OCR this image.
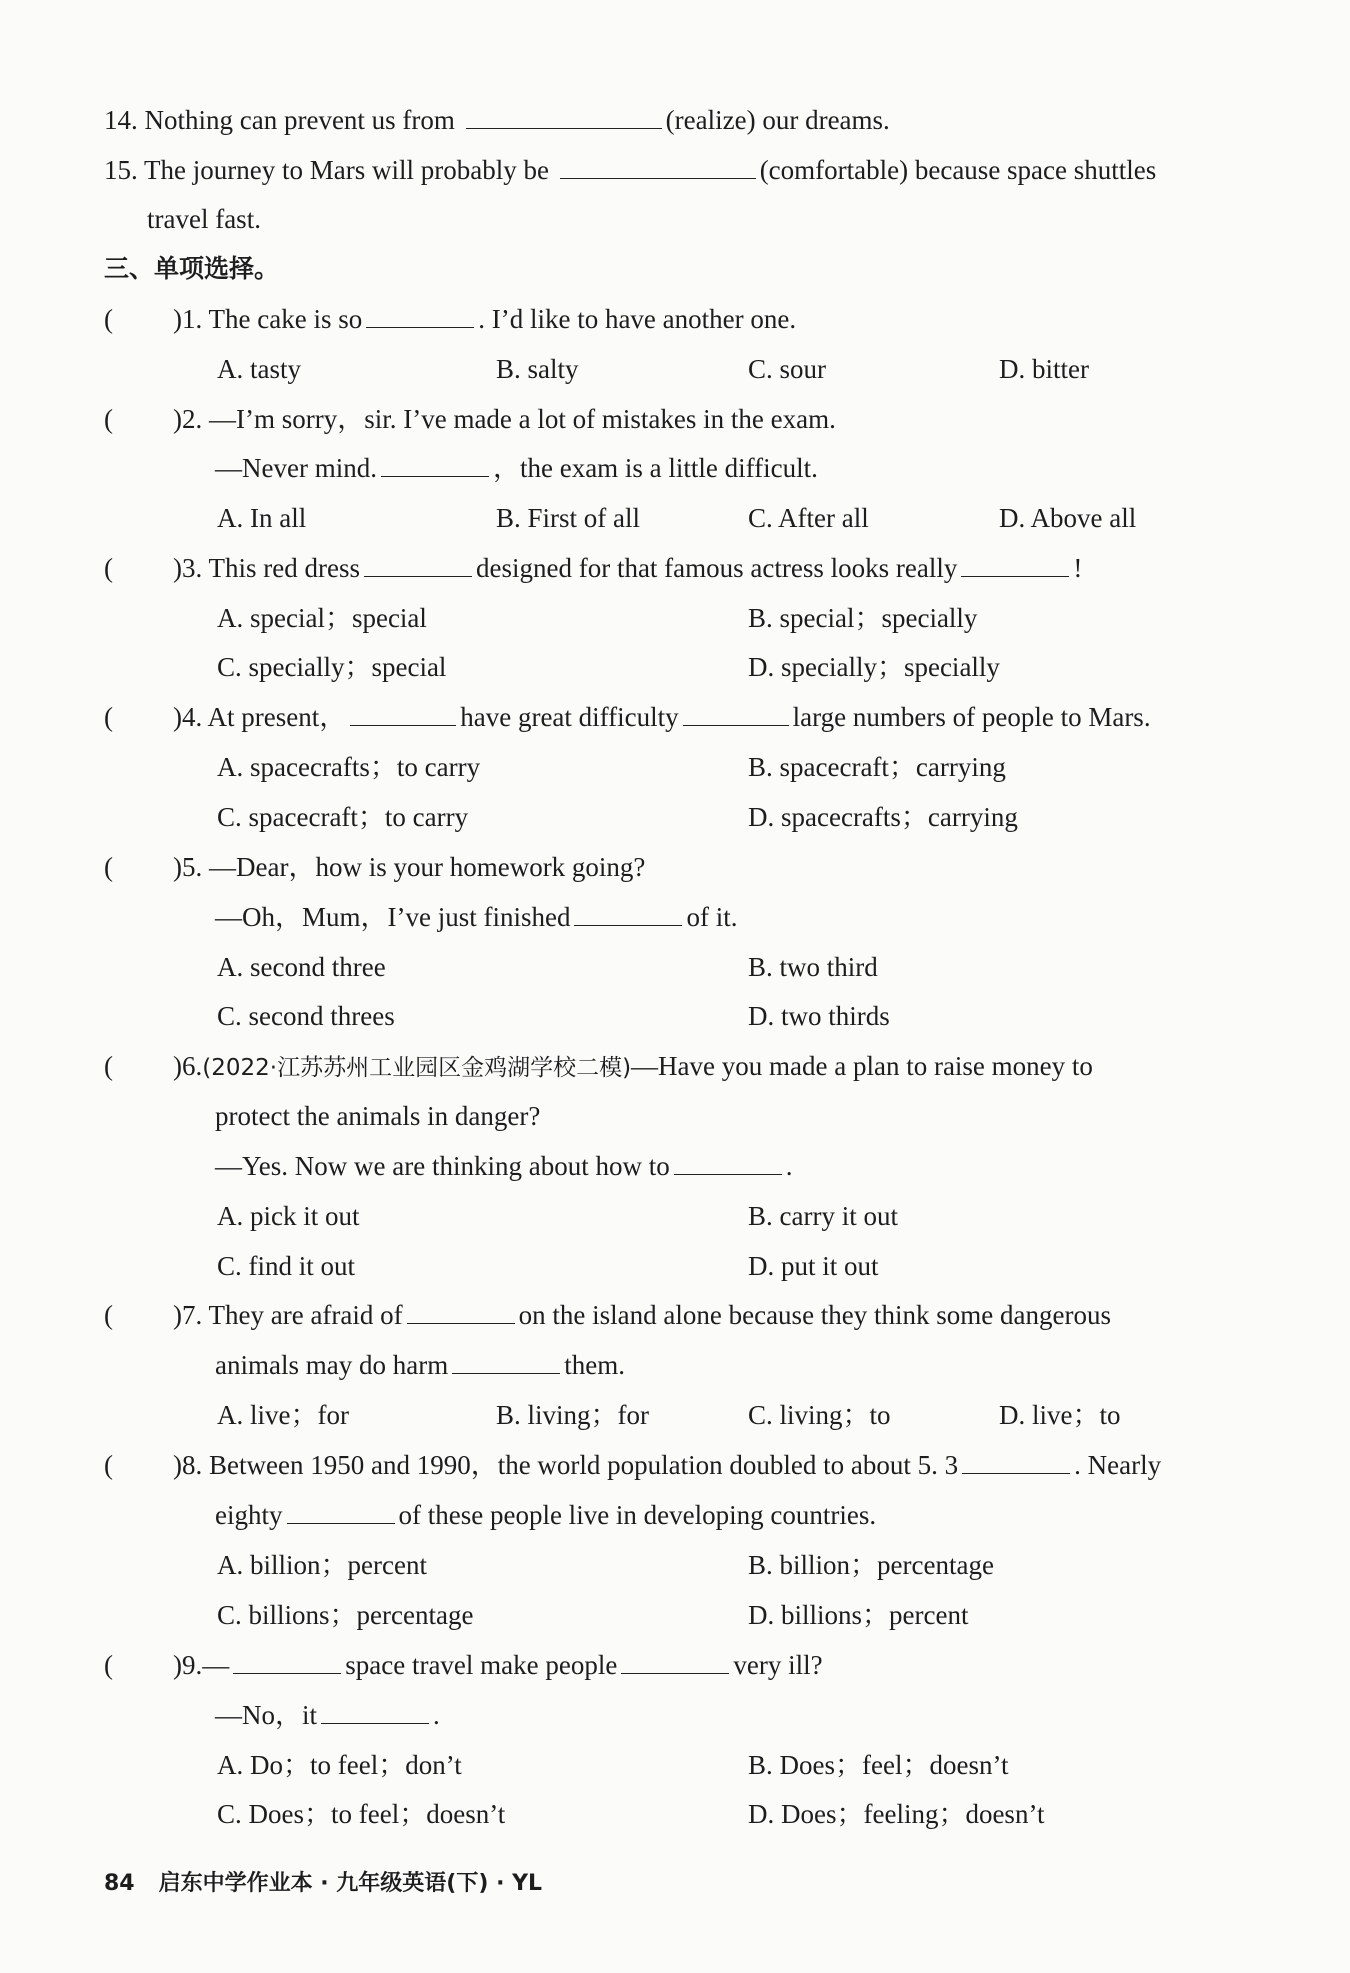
14. Nothing can prevent us from	(realize) our dreams.
15. The journey to Mars will probably be	(comfortable) because space shuttles
travel fast.
三、单项选择。
( )1. The cake is so	. I’d like to have another one.
A. tasty	B. salty	C. sour	D. bitter
( )2. —I’m sorry，sir. I’ve made a lot of mistakes in the exam.
—Never mind.	，the exam is a little difficult.
A. In all	B. First of all	C. After all	D. Above all
( )3. This red dress	designed for that famous actress looks really	!
A. special；special	B. special；specially
C. specially；special	D. specially；specially
( )4. At present，	have great difficulty	large numbers of people to Mars.
A. spacecrafts；to carry	B. spacecraft；carrying
C. spacecraft；to carry	D. spacecrafts；carrying
( )5. —Dear，how is your homework going?
—Oh，Mum，I’ve just finished	of it.
A. second three	B. two third
C. second threes	D. two thirds
( )6.(2022·江苏苏州工业园区金鸡湖学校二模)—Have you made a plan to raise money to
protect the animals in danger?
—Yes. Now we are thinking about how to	.
A. pick it out	B. carry it out
C. find it out	D. put it out
( )7. They are afraid of	on the island alone because they think some dangerous
animals may do harm	them.
A. live；for	B. living；for	C. living；to	D. live；to
( )8. Between 1950 and 1990，the world population doubled to about 5. 3	. Nearly
eighty	of these people live in developing countries.
A. billion；percent	B. billion；percentage
C. billions；percentage	D. billions；percent
( )9.—	space travel make people	very ill?
—No，it	.
A. Do；to feel；don’t	B. Does；feel；doesn’t
C. Does；to feel；doesn’t	D. Does；feeling；doesn’t
84 启东中学作业本 · 九年级英语(下) · YL
